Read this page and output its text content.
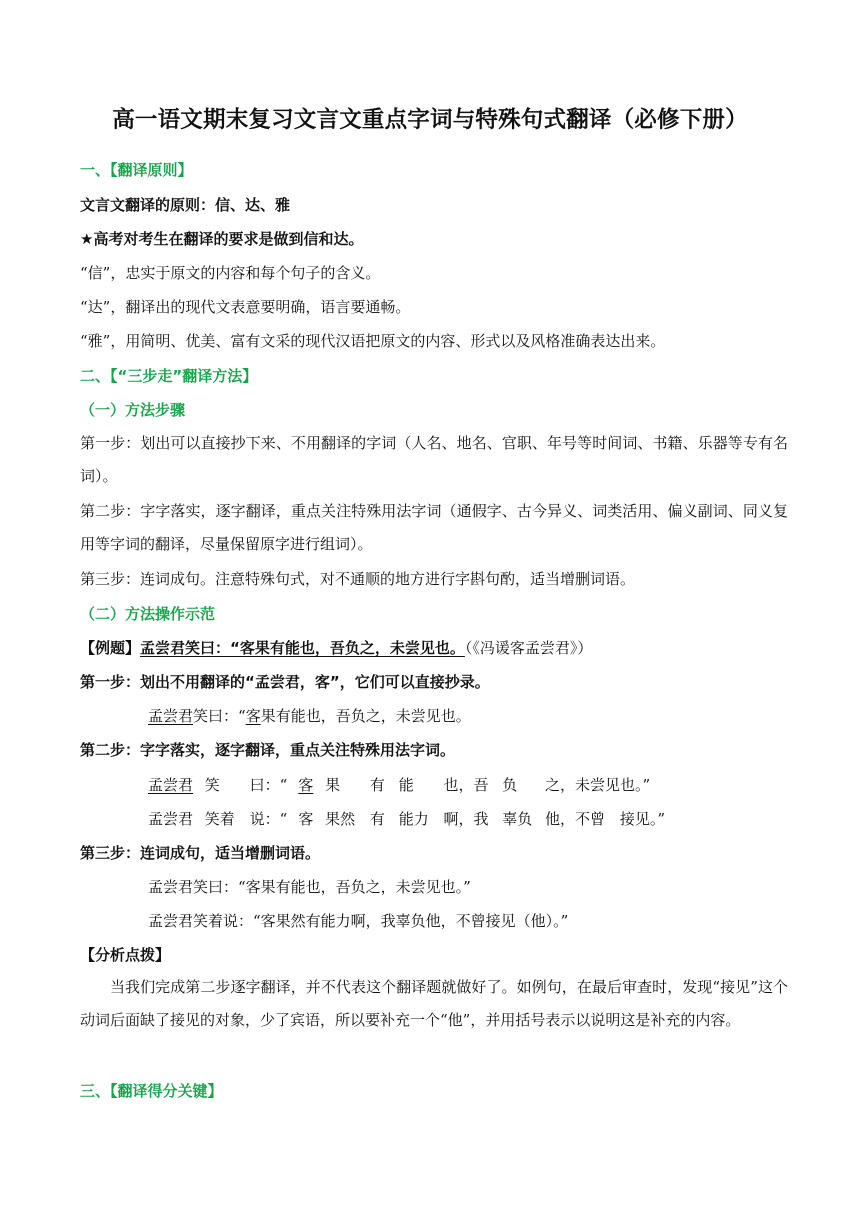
高一语文期末复习文言文重点字词与特殊句式翻译（必修下册）
一、【翻译原则】
文言文翻译的原则：信、达、雅
★高考对考生在翻译的要求是做到信和达。
“信”，忠实于原文的内容和每个句子的含义。
“达”，翻译出的现代文表意要明确，语言要通畅。
“雅”，用简明、优美、富有文采的现代汉语把原文的内容、形式以及风格准确表达出来。
二、【“三步走”翻译方法】
（一）方法步骤
第一步：划出可以直接抄下来、不用翻译的字词（人名、地名、官职、年号等时间词、书籍、乐器等专有名词）。
第二步：字字落实，逐字翻译，重点关注特殊用法字词（通假字、古今异义、词类活用、偏义副词、同义复用等字词的翻译，尽量保留原字进行组词）。
第三步：连词成句。注意特殊句式，对不通顺的地方进行字斟句酌，适当增删词语。
（二）方法操作示范
【例题】孟尝君笑曰：“客果有能也，吾负之，未尝见也。（《冯谖客孟尝君》）
第一步：划出不用翻译的“孟尝君，客”，它们可以直接抄录。
孟尝君笑曰：“客果有能也，吾负之，未尝见也。
第二步：字字落实，逐字翻译，重点关注特殊用法字词。
孟尝君 笑 曰：“ 客 果 有 能 也，吾 负 之，未尝见也。”
孟尝君 笑着 说：“ 客 果然 有 能力 啊，我 辜负 他，不曾 接见。”
第三步：连词成句，适当增删词语。
孟尝君笑曰：“客果有能也，吾负之，未尝见也。”
孟尝君笑着说：“客果然有能力啊，我辜负他，不曾接见（他）。”
【分析点拨】
当我们完成第二步逐字翻译，并不代表这个翻译题就做好了。如例句，在最后审查时，发现“接见”这个动词后面缺了接见的对象，少了宾语，所以要补充一个“他”，并用括号表示以说明这是补充的内容。
三、【翻译得分关键】
